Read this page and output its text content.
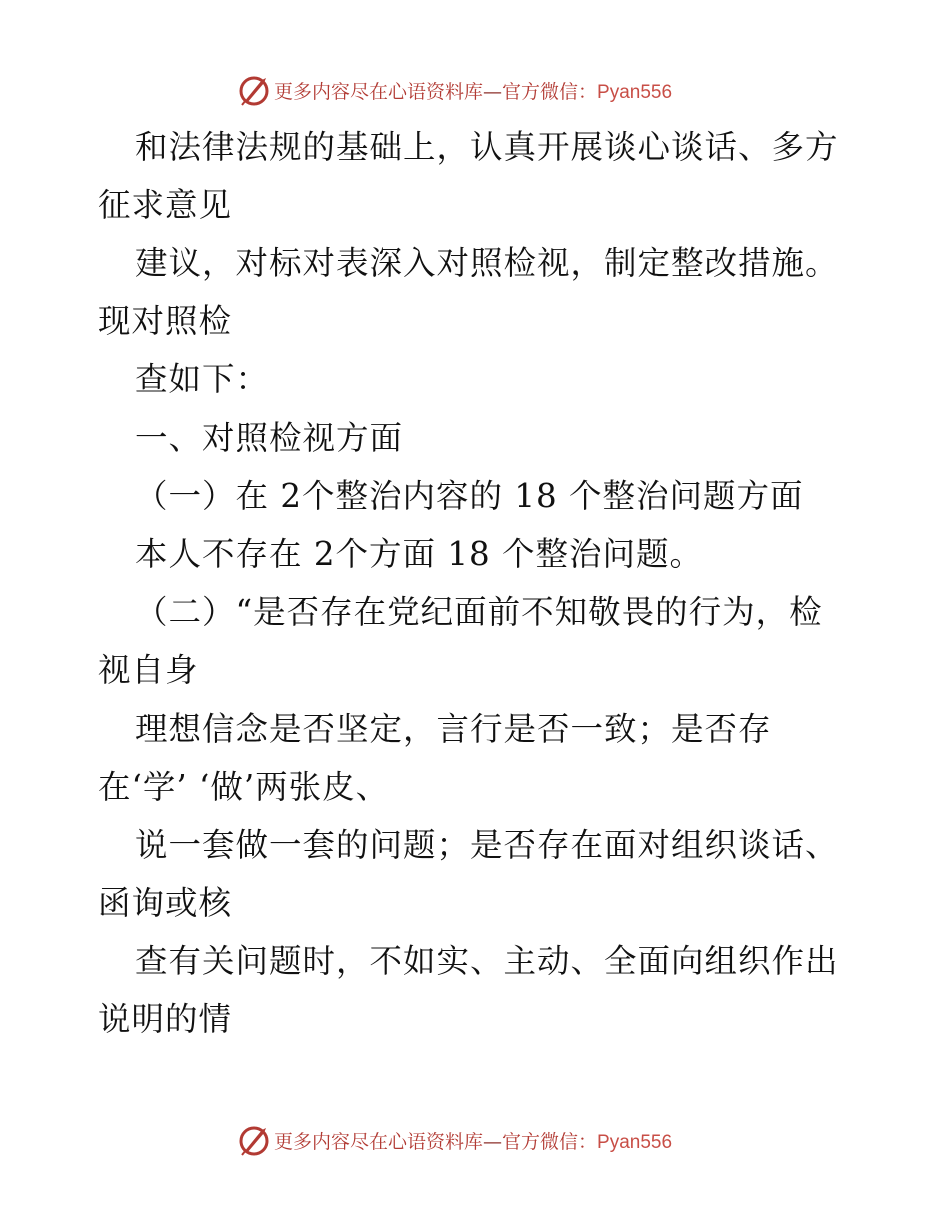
更多内容尽在心语资料库—官方微信：Pyan556
和法律法规的基础上，认真开展谈心谈话、多方
征求意见
建议，对标对表深入对照检视，制定整改措施。
现对照检
查如下：
一、对照检视方面
（一）在 2个整治内容的 18 个整治问题方面
本人不存在 2个方面 18 个整治问题。
（二）“是否存在党纪面前不知敬畏的行为，检
视自身
理想信念是否坚定，言行是否一致；是否存
在‘学’ ‘做’两张皮、
说一套做一套的问题；是否存在面对组织谈话、
函询或核
查有关问题时，不如实、主动、全面向组织作出
说明的情
更多内容尽在心语资料库—官方微信：Pyan556
